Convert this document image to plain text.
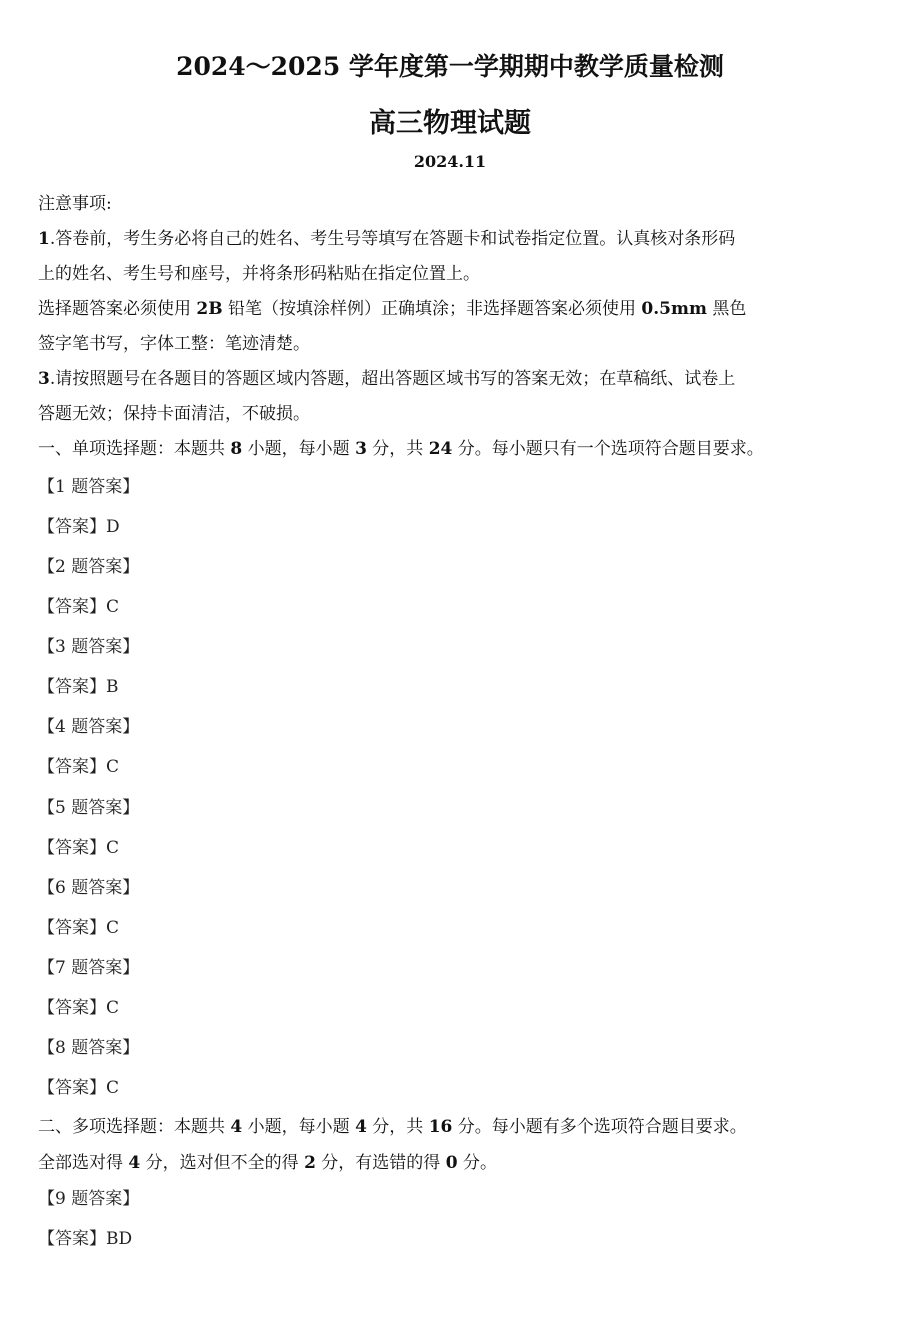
2024～2025 学年度第一学期期中教学质量检测
高三物理试题
2024.11
注意事项:
1.答卷前，考生务必将自己的姓名、考生号等填写在答题卡和试卷指定位置。认真核对条形码
上的姓名、考生号和座号，并将条形码粘贴在指定位置上。
选择题答案必须使用 2B 铅笔（按填涂样例）正确填涂；非选择题答案必须使用 0.5mm 黑色
签字笔书写，字体工整：笔迹清楚。
3.请按照题号在各题目的答题区域内答题，超出答题区域书写的答案无效；在草稿纸、试卷上
答题无效；保持卡面清洁，不破损。
一、单项选择题：本题共 8 小题，每小题 3 分，共 24 分。每小题只有一个选项符合题目要求。
【1 题答案】
【答案】D
【2 题答案】
【答案】C
【3 题答案】
【答案】B
【4 题答案】
【答案】C
【5 题答案】
【答案】C
【6 题答案】
【答案】C
【7 题答案】
【答案】C
【8 题答案】
【答案】C
二、多项选择题：本题共 4 小题，每小题 4 分，共 16 分。每小题有多个选项符合题目要求。
全部选对得 4 分，选对但不全的得 2 分，有选错的得 0 分。
【9 题答案】
【答案】BD
